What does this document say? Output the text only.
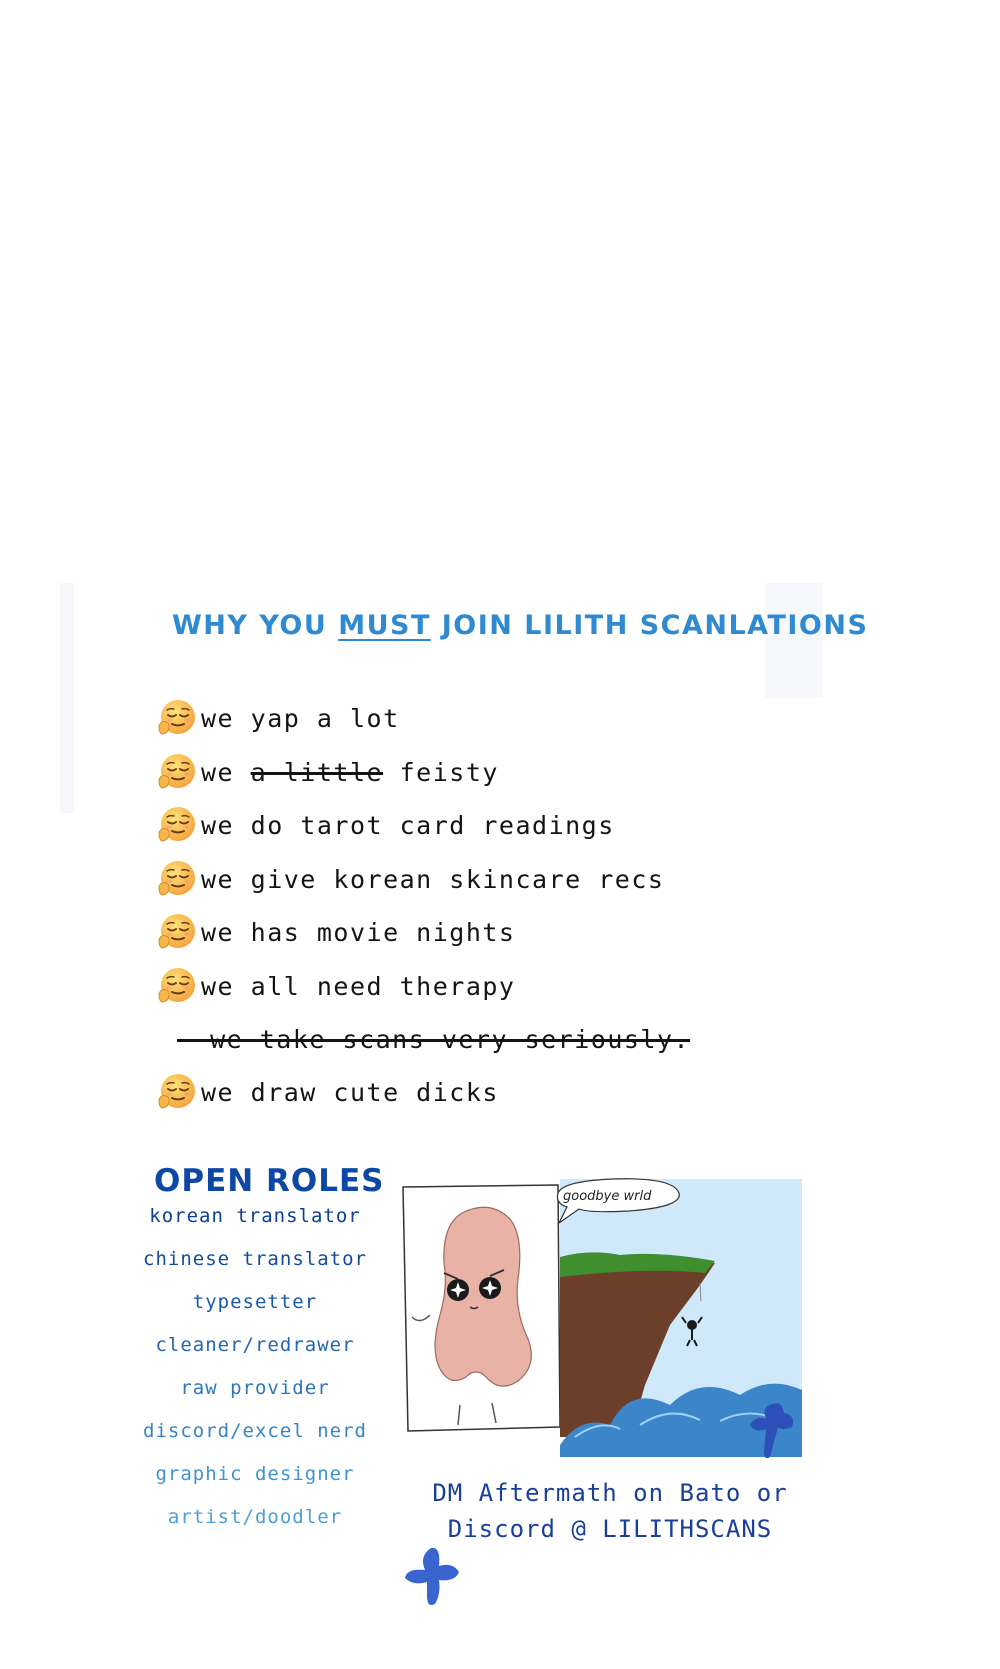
WHY YOU MUST JOIN LILITH SCANLATIONS
we yap a lot
we a little feisty
we do tarot card readings
we give korean skincare recs
we has movie nights
we all need therapy
- we take scans very seriously.
we draw cute dicks
OPEN ROLES
korean translator
chinese translator
typesetter
cleaner/redrawer
raw provider
discord/excel nerd
graphic designer
artist/doodler
goodbye wrld
DM Aftermath on Bato or
Discord @ LILITHSCANS
